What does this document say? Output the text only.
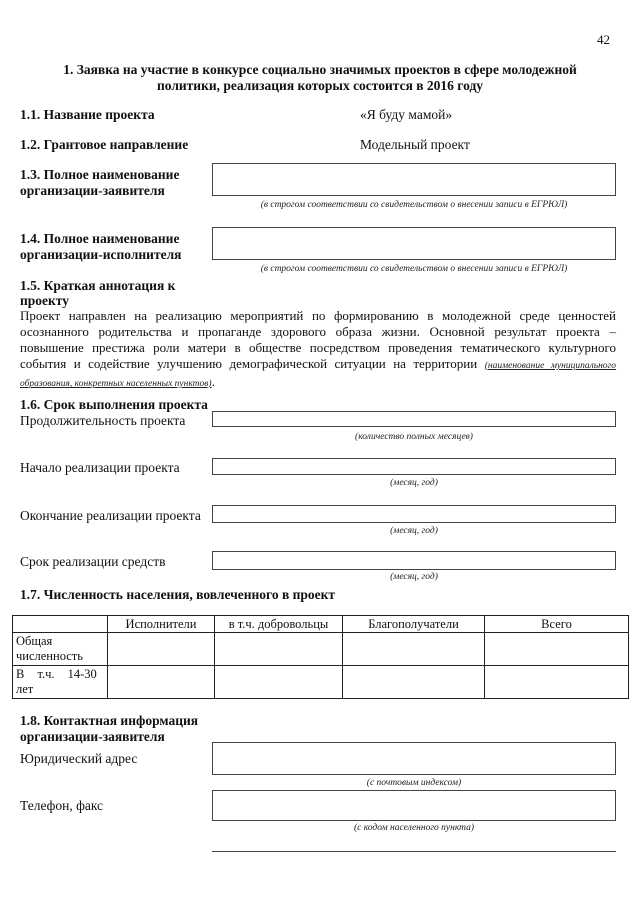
42
1. Заявка на участие в конкурсе социально значимых проектов в сфере молодежной
политики, реализация которых состоится в 2016 году
1.1. Название проекта	«Я буду мамой»
1.2. Грантовое направление	Модельный проект
1.3. Полное наименование
организации-заявителя
(в строгом соответствии со свидетельством о внесении записи в ЕГРЮЛ)
1.4. Полное наименование
организации-исполнителя
(в строгом соответствии со свидетельством о внесении записи в ЕГРЮЛ)
1.5. Краткая аннотация к
проекту
Проект направлен на реализацию мероприятий по формированию в молодежной среде ценностей осознанного родительства и пропаганде здорового образа жизни. Основной результат проекта – повышение престижа роли матери в обществе посредством проведения тематического культурного события и содействие улучшению демографической ситуации на территории (наименование муниципального образования, конкретных населенных пунктов).
1.6. Срок выполнения проекта
Продолжительность проекта
(количество полных месяцев)
Начало реализации проекта
(месяц, год)
Окончание реализации проекта
(месяц, год)
Срок реализации средств
(месяц, год)
1.7. Численность населения, вовлеченного в проект
	Исполнители	в т.ч. добровольцы	Благополучатели	Всего
Общая численность				
В т.ч. 14-30 лет				
1.8. Контактная информация
организации-заявителя
Юридический адрес
(с почтовым индексом)
Телефон, факс
(с кодом населенного пункта)
